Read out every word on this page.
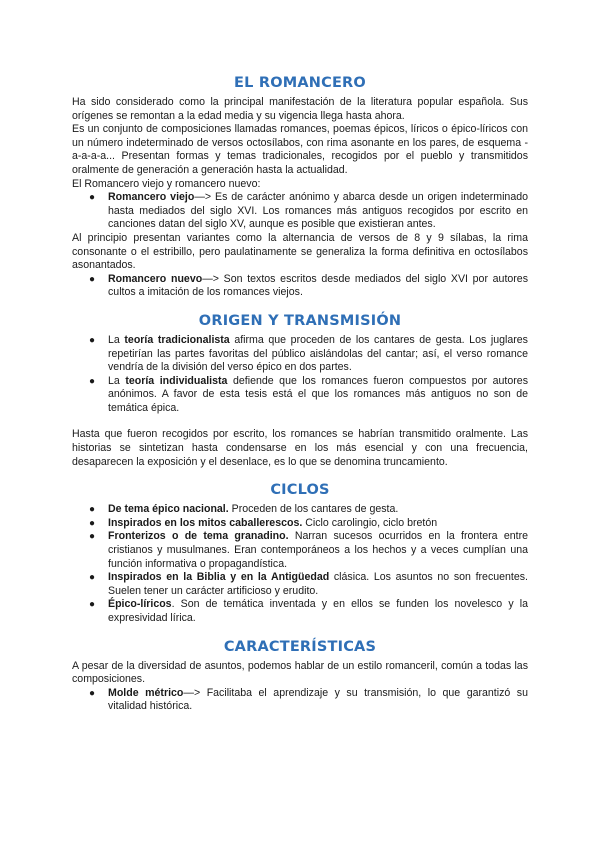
EL ROMANCERO

Ha sido considerado como la principal manifestación de la literatura popular española. Sus orígenes se remontan a la edad media y su vigencia llega hasta ahora.

Es un conjunto de composiciones llamadas romances, poemas épicos, líricos o épico-líricos con un número indeterminado de versos octosílabos, con rima asonante en los pares, de esquema -a-a-a-a... Presentan formas y temas tradicionales, recogidos por el pueblo y transmitidos oralmente de generación a generación hasta la actualidad.

El Romancero viejo y romancero nuevo:

● Romancero viejo—> Es de carácter anónimo y abarca desde un origen indeterminado hasta mediados del siglo XVI. Los romances más antiguos recogidos por escrito en canciones datan del siglo XV, aunque es posible que existieran antes.

Al principio presentan variantes como la alternancia de versos de 8 y 9 sílabas, la rima consonante o el estribillo, pero paulatinamente se generaliza la forma definitiva en octosílabos asonantados.

● Romancero nuevo—> Son textos escritos desde mediados del siglo XVI por autores cultos a imitación de los romances viejos.
ORIGEN Y TRANSMISIÓN
● La teoría tradicionalista afirma que proceden de los cantares de gesta. Los juglares repetirían las partes favoritas del público aislándolas del cantar; así, el verso romance vendría de la división del verso épico en dos partes.
● La teoría individualista defiende que los romances fueron compuestos por autores anónimos. A favor de esta tesis está el que los romances más antiguos no son de temática épica.

Hasta que fueron recogidos por escrito, los romances se habrían transmitido oralmente. Las historias se sintetizan hasta condensarse en los más esencial y con una frecuencia, desaparecen la exposición y el desenlace, es lo que se denomina truncamiento.

CICLOS
● De tema épico nacional. Proceden de los cantares de gesta.
● Inspirados en los mitos caballerescos. Ciclo carolingio, ciclo bretón
● Fronterizos o de tema granadino. Narran sucesos ocurridos en la frontera entre cristianos y musulmanes. Eran contemporáneos a los hechos y a veces cumplían una función informativa o propagandística.
● Inspirados en la Biblia y en la Antigüedad clásica. Los asuntos no son frecuentes. Suelen tener un carácter artificioso y erudito.
● Épico-líricos. Son de temática inventada y en ellos se funden los novelesco y la expresividad lírica.
CARACTERÍSTICAS

A pesar de la diversidad de asuntos, podemos hablar de un estilo romanceril, común a todas las composiciones.

● Molde métrico—> Facilitaba el aprendizaje y su transmisión, lo que garantizó su vitalidad histórica.
